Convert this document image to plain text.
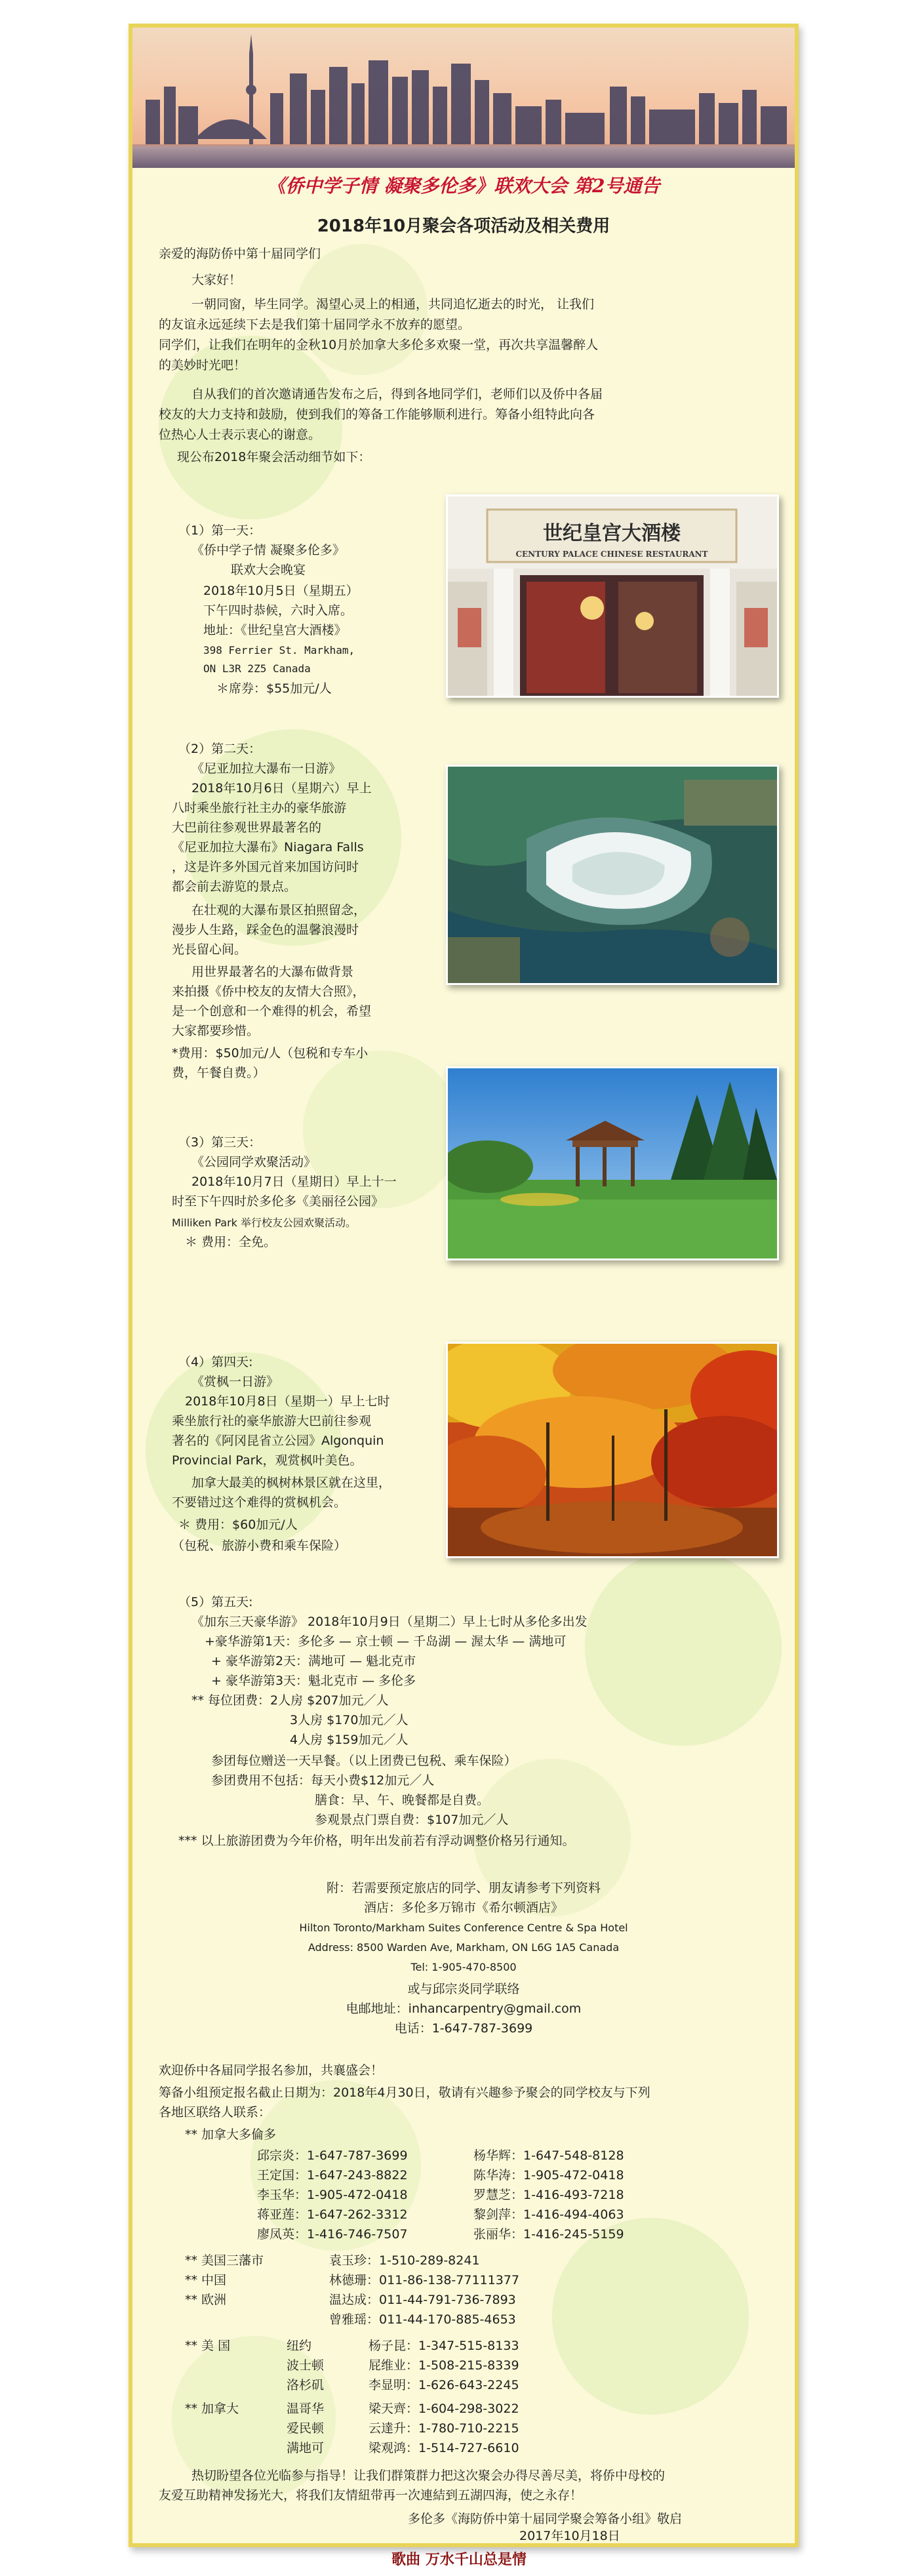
《侨中学子情 凝聚多伦多》联欢大会 第2号通告
2018年10月聚会各项活动及相关费用
亲爱的海防侨中第十届同学们
大家好！
一朝同窗，毕生同学。渴望心灵上的相通，共同追忆逝去的时光， 让我们
的友谊永远延续下去是我们第十届同学永不放弃的愿望。
同学们，让我们在明年的金秋10月於加拿大多伦多欢聚一堂，再次共享温馨醉人
的美妙时光吧！
自从我们的首次邀请通告发布之后，得到各地同学们，老师们以及侨中各届
校友的大力支持和鼓励，使到我们的筹备工作能够顺利进行。筹备小组特此向各
位热心人士表示衷心的谢意。
现公布2018年聚会活动细节如下：
（1）第一天：
《侨中学子情 凝聚多伦多》
联欢大会晚宴
2018年10月5日（星期五）
下午四时恭候，六时入席。
地址：《世纪皇宫大酒楼》
398 Ferrier St. Markham,
ON L3R 2Z5 Canada
＊席券：$55加元/人
世纪皇宫大酒楼
CENTURY PALACE CHINESE RESTAURANT
（2）第二天：
《尼亚加拉大瀑布一日游》
2018年10月6日（星期六）早上
八时乘坐旅行社主办的豪华旅游
大巴前往参观世界最著名的
《尼亚加拉大瀑布》Niagara Falls
，这是许多外国元首来加国访问时
都会前去游览的景点。
在壮观的大瀑布景区拍照留念，
漫步人生路，踩金色的温馨浪漫时
光長留心间。
用世界最著名的大瀑布做背景
来拍摄《侨中校友的友情大合照》，
是一个创意和一个难得的机会，希望
大家都要珍惜。
*费用：$50加元/人（包税和专车小
费，午餐自费。）
（3）第三天：
《公园同学欢聚活动》
2018年10月7日（星期日）早上十一
时至下午四时於多伦多《美丽径公园》
Milliken Park 举行校友公园欢聚活动。
＊ 费用：全免。
（4）第四天:
《赏枫一日游》
2018年10月8日（星期一）早上七时
乘坐旅行社的豪华旅游大巴前往参观
著名的《阿冈昆省立公园》Algonquin
Provincial Park，观赏枫叶美色。
加拿大最美的枫树林景区就在这里，
不要错过这个难得的赏枫机会。
＊ 费用：$60加元/人
（包税、旅游小费和乘车保险）
（5）第五天:
《加东三天豪华游》 2018年10月9日（星期二）早上七时从多伦多出发
+豪华游第1天：多伦多 — 京士顿 — 千岛湖 — 渥太华 — 满地可
+ 豪华游第2天：满地可 — 魁北克市
+ 豪华游第3天：魁北克市 — 多伦多
** 每位团费：2人房 $207加元／人
3人房 $170加元／人
4人房 $159加元／人
参团每位赠送一天早餐。（以上团费已包税、乘车保险）
参团费用不包括：每天小费$12加元／人
膳食：早、午、晚餐都是自费。
参观景点门票自费：$107加元／人
*** 以上旅游团费为今年价格，明年出发前若有浮动调整价格另行通知。
附：若需要预定旅店的同学、朋友请参考下列资料
酒店：多伦多万锦市《希尔顿酒店》
Hilton Toronto/Markham Suites Conference Centre & Spa Hotel
Address: 8500 Warden Ave, Markham, ON L6G 1A5 Canada
Tel: 1-905-470-8500
或与邱宗炎同学联络
电邮地址：inhancarpentry@gmail.com
电话：1-647-787-3699
欢迎侨中各届同学报名参加，共襄盛会！
筹备小组预定报名截止日期为：2018年4月30日，敬请有兴趣参予聚会的同学校友与下列
各地区联络人联系：
** 加拿大多倫多
邱宗炎：1-647-787-3699	杨华辉：1-647-548-8128
王定国：1-647-243-8822	陈华涛：1-905-472-0418
李玉华：1-905-472-0418	罗慧芝：1-416-493-7218
蒋亚莲：1-647-262-3312	黎剑萍：1-416-494-4063
廖凤英：1-416-746-7507	张丽华：1-416-245-5159
** 美国三藩市	袁玉珍：1-510-289-8241
** 中国	林德珊：011-86-138-77111377
** 欧洲	温达成：011-44-791-736-7893
曾雅瑶：011-44-170-885-4653
** 美 国	纽约	杨子昆：1-347-515-8133
波士顿	屁维业：1-508-215-8339
洛杉矶	李显明：1-626-643-2245
** 加拿大	温哥华	梁天齊：1-604-298-3022
爱民顿	云達升：1-780-710-2215
满地可	梁观鸿：1-514-727-6610
热切盼望各位光临参与指导！让我们群策群力把这次聚会办得尽善尽美，将侨中母校的
友爱互助精神发扬光大，将我们友情紐带再一次連結到五湖四海，使之永存！
多伦多《海防侨中第十届同学聚会筹备小组》敬启
2017年10月18日
歌曲 万水千山总是情
